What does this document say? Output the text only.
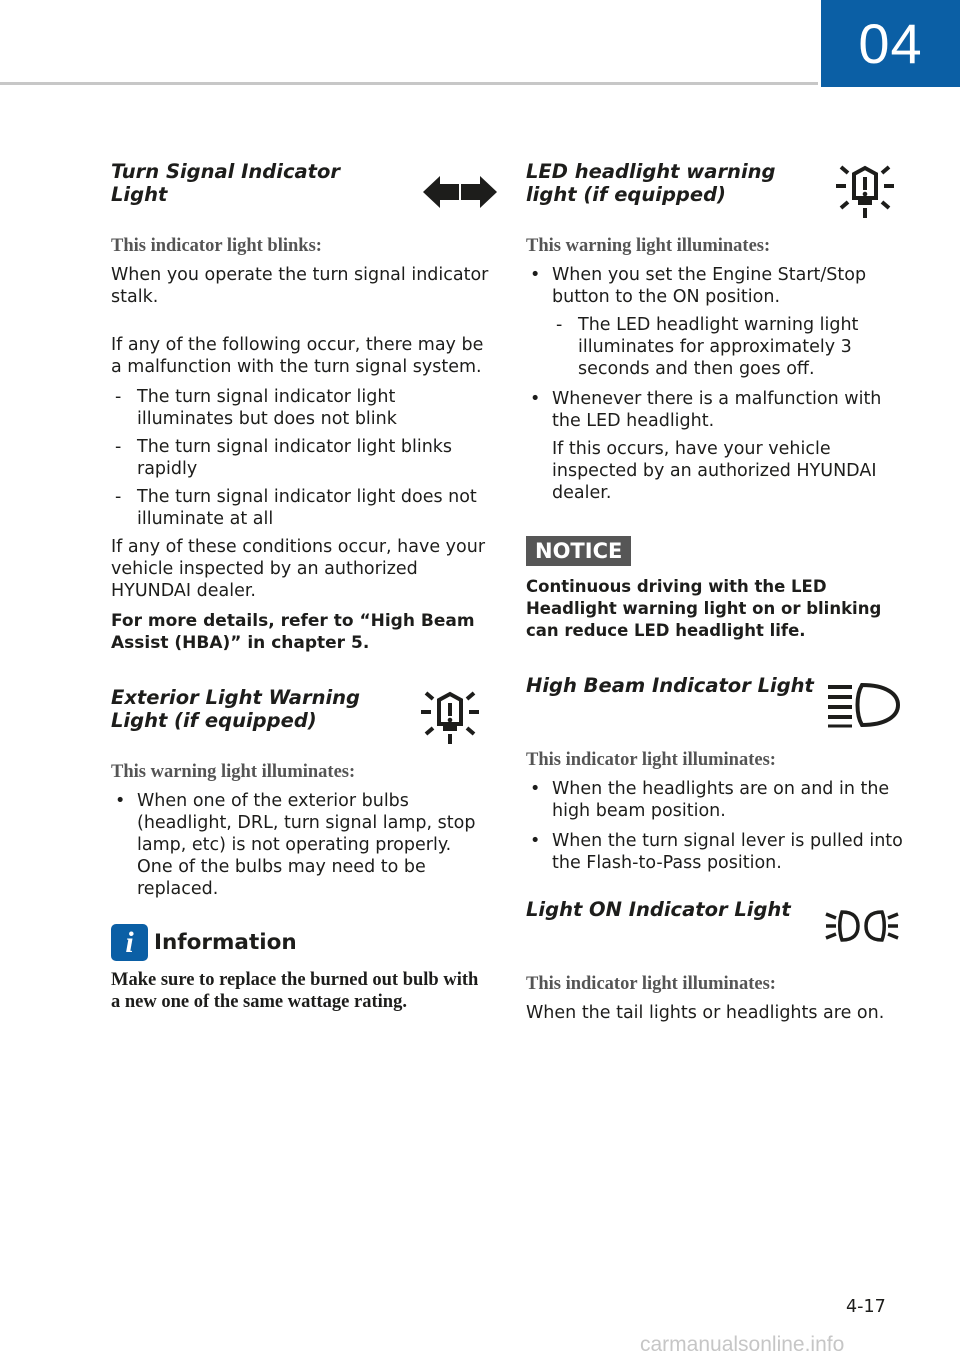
04
Turn Signal Indicator Light
This indicator light blinks:

When you operate the turn signal indicator stalk.

If any of the following occur, there may be a malfunction with the turn signal system.

- The turn signal indicator light illuminates but does not blink
- The turn signal indicator light blinks rapidly
- The turn signal indicator light does not illuminate at all

If any of these conditions occur, have your vehicle inspected by an authorized HYUNDAI dealer.

For more details, refer to “High Beam Assist (HBA)” in chapter 5.

Exterior Light Warning Light (if equipped)
This warning light illuminates:
• When one of the exterior bulbs (headlight, DRL, turn signal lamp, stop lamp, etc) is not operating properly. One of the bulbs may need to be replaced.
i Information

Make sure to replace the burned out bulb with a new one of the same wattage rating.

LED headlight warning light (if equipped)
This warning light illuminates:
• When you set the Engine Start/Stop button to the ON position.
- The LED headlight warning light illuminates for approximately 3 seconds and then goes off.
• Whenever there is a malfunction with the LED headlight.

If this occurs, have your vehicle inspected by an authorized HYUNDAI dealer.

NOTICE

Continuous driving with the LED Headlight warning light on or blinking can reduce LED headlight life.

High Beam Indicator Light
This indicator light illuminates:
• When the headlights are on and in the high beam position.
• When the turn signal lever is pulled into the Flash-to-Pass position.
Light ON Indicator Light
This indicator light illuminates:

When the tail lights or headlights are on.

4-17
carmanualsonline.info
